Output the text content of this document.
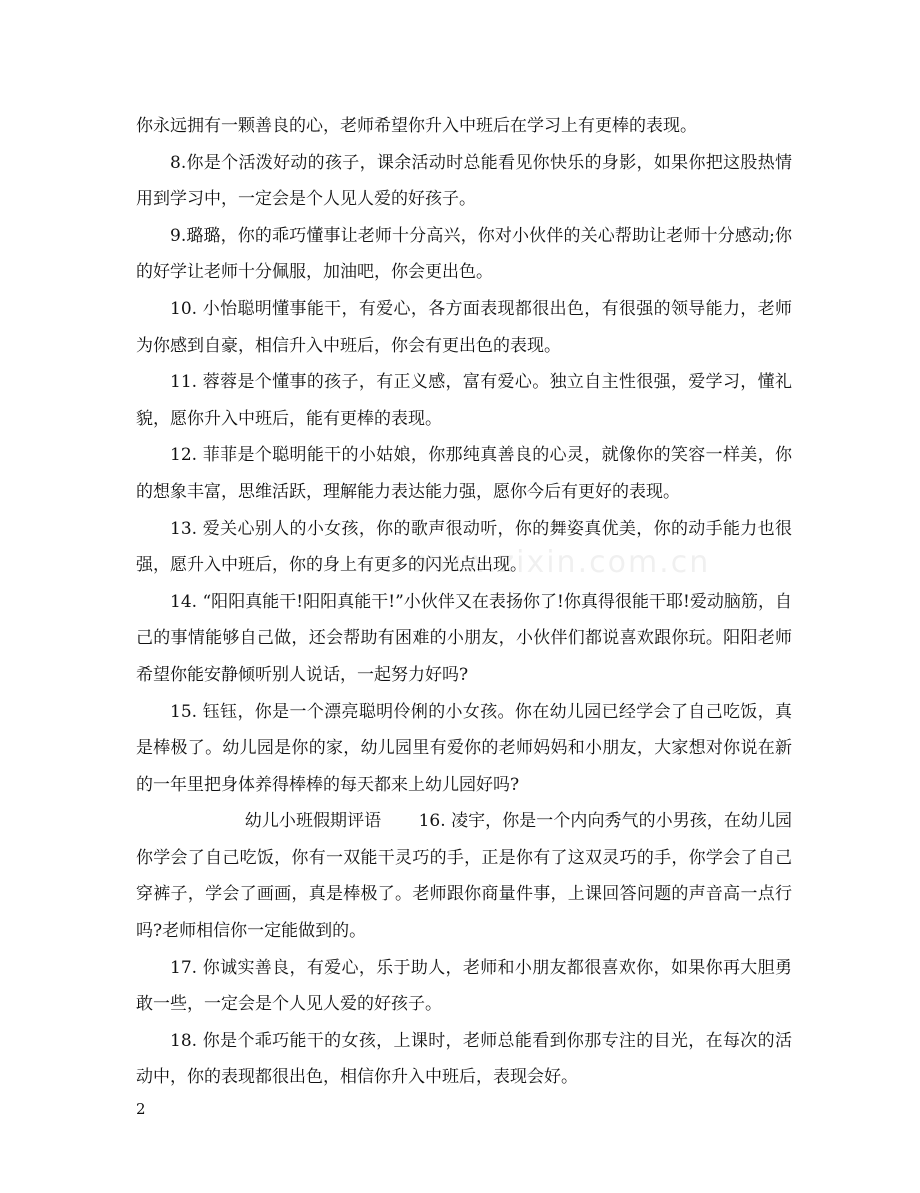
www.zixin.com.cn

你永远拥有一颗善良的心，老师希望你升入中班后在学习上有更棒的表现。

8.你是个活泼好动的孩子，课余活动时总能看见你快乐的身影，如果你把这股热情用到学习中，一定会是个人见人爱的好孩子。

9.璐璐，你的乖巧懂事让老师十分高兴，你对小伙伴的关心帮助让老师十分感动;你的好学让老师十分佩服，加油吧，你会更出色。

10. 小怡聪明懂事能干，有爱心，各方面表现都很出色，有很强的领导能力，老师为你感到自豪，相信升入中班后，你会有更出色的表现。

11. 蓉蓉是个懂事的孩子，有正义感，富有爱心。独立自主性很强，爱学习，懂礼貌，愿你升入中班后，能有更棒的表现。

12. 菲菲是个聪明能干的小姑娘，你那纯真善良的心灵，就像你的笑容一样美，你的想象丰富，思维活跃，理解能力表达能力强，愿你今后有更好的表现。

13. 爱关心别人的小女孩，你的歌声很动听，你的舞姿真优美，你的动手能力也很强，愿升入中班后，你的身上有更多的闪光点出现。

14. “阳阳真能干!阳阳真能干!”小伙伴又在表扬你了!你真得很能干耶!爱动脑筋，自己的事情能够自己做，还会帮助有困难的小朋友，小伙伴们都说喜欢跟你玩。阳阳老师希望你能安静倾听别人说话，一起努力好吗?

15. 钰钰，你是一个漂亮聪明伶俐的小女孩。你在幼儿园已经学会了自己吃饭，真是棒极了。幼儿园是你的家，幼儿园里有爱你的老师妈妈和小朋友，大家想对你说在新的一年里把身体养得棒棒的每天都来上幼儿园好吗?

幼儿小班假期评语 16. 凌宇，你是一个内向秀气的小男孩，在幼儿园你学会了自己吃饭，你有一双能干灵巧的手，正是你有了这双灵巧的手，你学会了自己穿裤子，学会了画画，真是棒极了。老师跟你商量件事，上课回答问题的声音高一点行吗?老师相信你一定能做到的。

17. 你诚实善良，有爱心，乐于助人，老师和小朋友都很喜欢你，如果你再大胆勇敢一些，一定会是个人见人爱的好孩子。

18. 你是个乖巧能干的女孩，上课时，老师总能看到你那专注的目光，在每次的活动中，你的表现都很出色，相信你升入中班后，表现会好。

2
